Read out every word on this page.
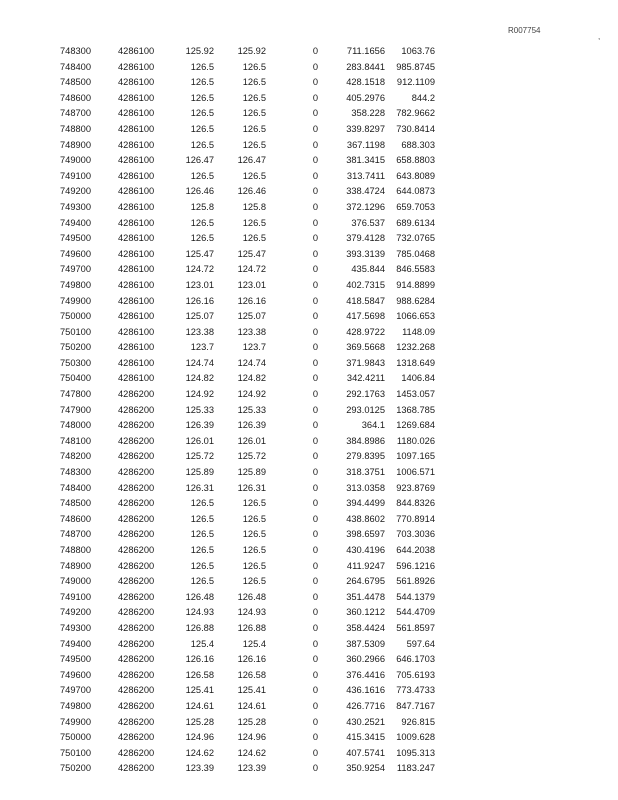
R007754
,
748300	4286100	125.92	125.92	0	711.1656	1063.76
748400	4286100	126.5	126.5	0	283.8441	985.8745
748500	4286100	126.5	126.5	0	428.1518	912.1109
748600	4286100	126.5	126.5	0	405.2976	844.2
748700	4286100	126.5	126.5	0	358.228	782.9662
748800	4286100	126.5	126.5	0	339.8297	730.8414
748900	4286100	126.5	126.5	0	367.1198	688.303
749000	4286100	126.47	126.47	0	381.3415	658.8803
749100	4286100	126.5	126.5	0	313.7411	643.8089
749200	4286100	126.46	126.46	0	338.4724	644.0873
749300	4286100	125.8	125.8	0	372.1296	659.7053
749400	4286100	126.5	126.5	0	376.537	689.6134
749500	4286100	126.5	126.5	0	379.4128	732.0765
749600	4286100	125.47	125.47	0	393.3139	785.0468
749700	4286100	124.72	124.72	0	435.844	846.5583
749800	4286100	123.01	123.01	0	402.7315	914.8899
749900	4286100	126.16	126.16	0	418.5847	988.6284
750000	4286100	125.07	125.07	0	417.5698	1066.653
750100	4286100	123.38	123.38	0	428.9722	1148.09
750200	4286100	123.7	123.7	0	369.5668	1232.268
750300	4286100	124.74	124.74	0	371.9843	1318.649
750400	4286100	124.82	124.82	0	342.4211	1406.84
747800	4286200	124.92	124.92	0	292.1763	1453.057
747900	4286200	125.33	125.33	0	293.0125	1368.785
748000	4286200	126.39	126.39	0	364.1	1269.684
748100	4286200	126.01	126.01	0	384.8986	1180.026
748200	4286200	125.72	125.72	0	279.8395	1097.165
748300	4286200	125.89	125.89	0	318.3751	1006.571
748400	4286200	126.31	126.31	0	313.0358	923.8769
748500	4286200	126.5	126.5	0	394.4499	844.8326
748600	4286200	126.5	126.5	0	438.8602	770.8914
748700	4286200	126.5	126.5	0	398.6597	703.3036
748800	4286200	126.5	126.5	0	430.4196	644.2038
748900	4286200	126.5	126.5	0	411.9247	596.1216
749000	4286200	126.5	126.5	0	264.6795	561.8926
749100	4286200	126.48	126.48	0	351.4478	544.1379
749200	4286200	124.93	124.93	0	360.1212	544.4709
749300	4286200	126.88	126.88	0	358.4424	561.8597
749400	4286200	125.4	125.4	0	387.5309	597.64
749500	4286200	126.16	126.16	0	360.2966	646.1703
749600	4286200	126.58	126.58	0	376.4416	705.6193
749700	4286200	125.41	125.41	0	436.1616	773.4733
749800	4286200	124.61	124.61	0	426.7716	847.7167
749900	4286200	125.28	125.28	0	430.2521	926.815
750000	4286200	124.96	124.96	0	415.3415	1009.628
750100	4286200	124.62	124.62	0	407.5741	1095.313
750200	4286200	123.39	123.39	0	350.9254	1183.247
